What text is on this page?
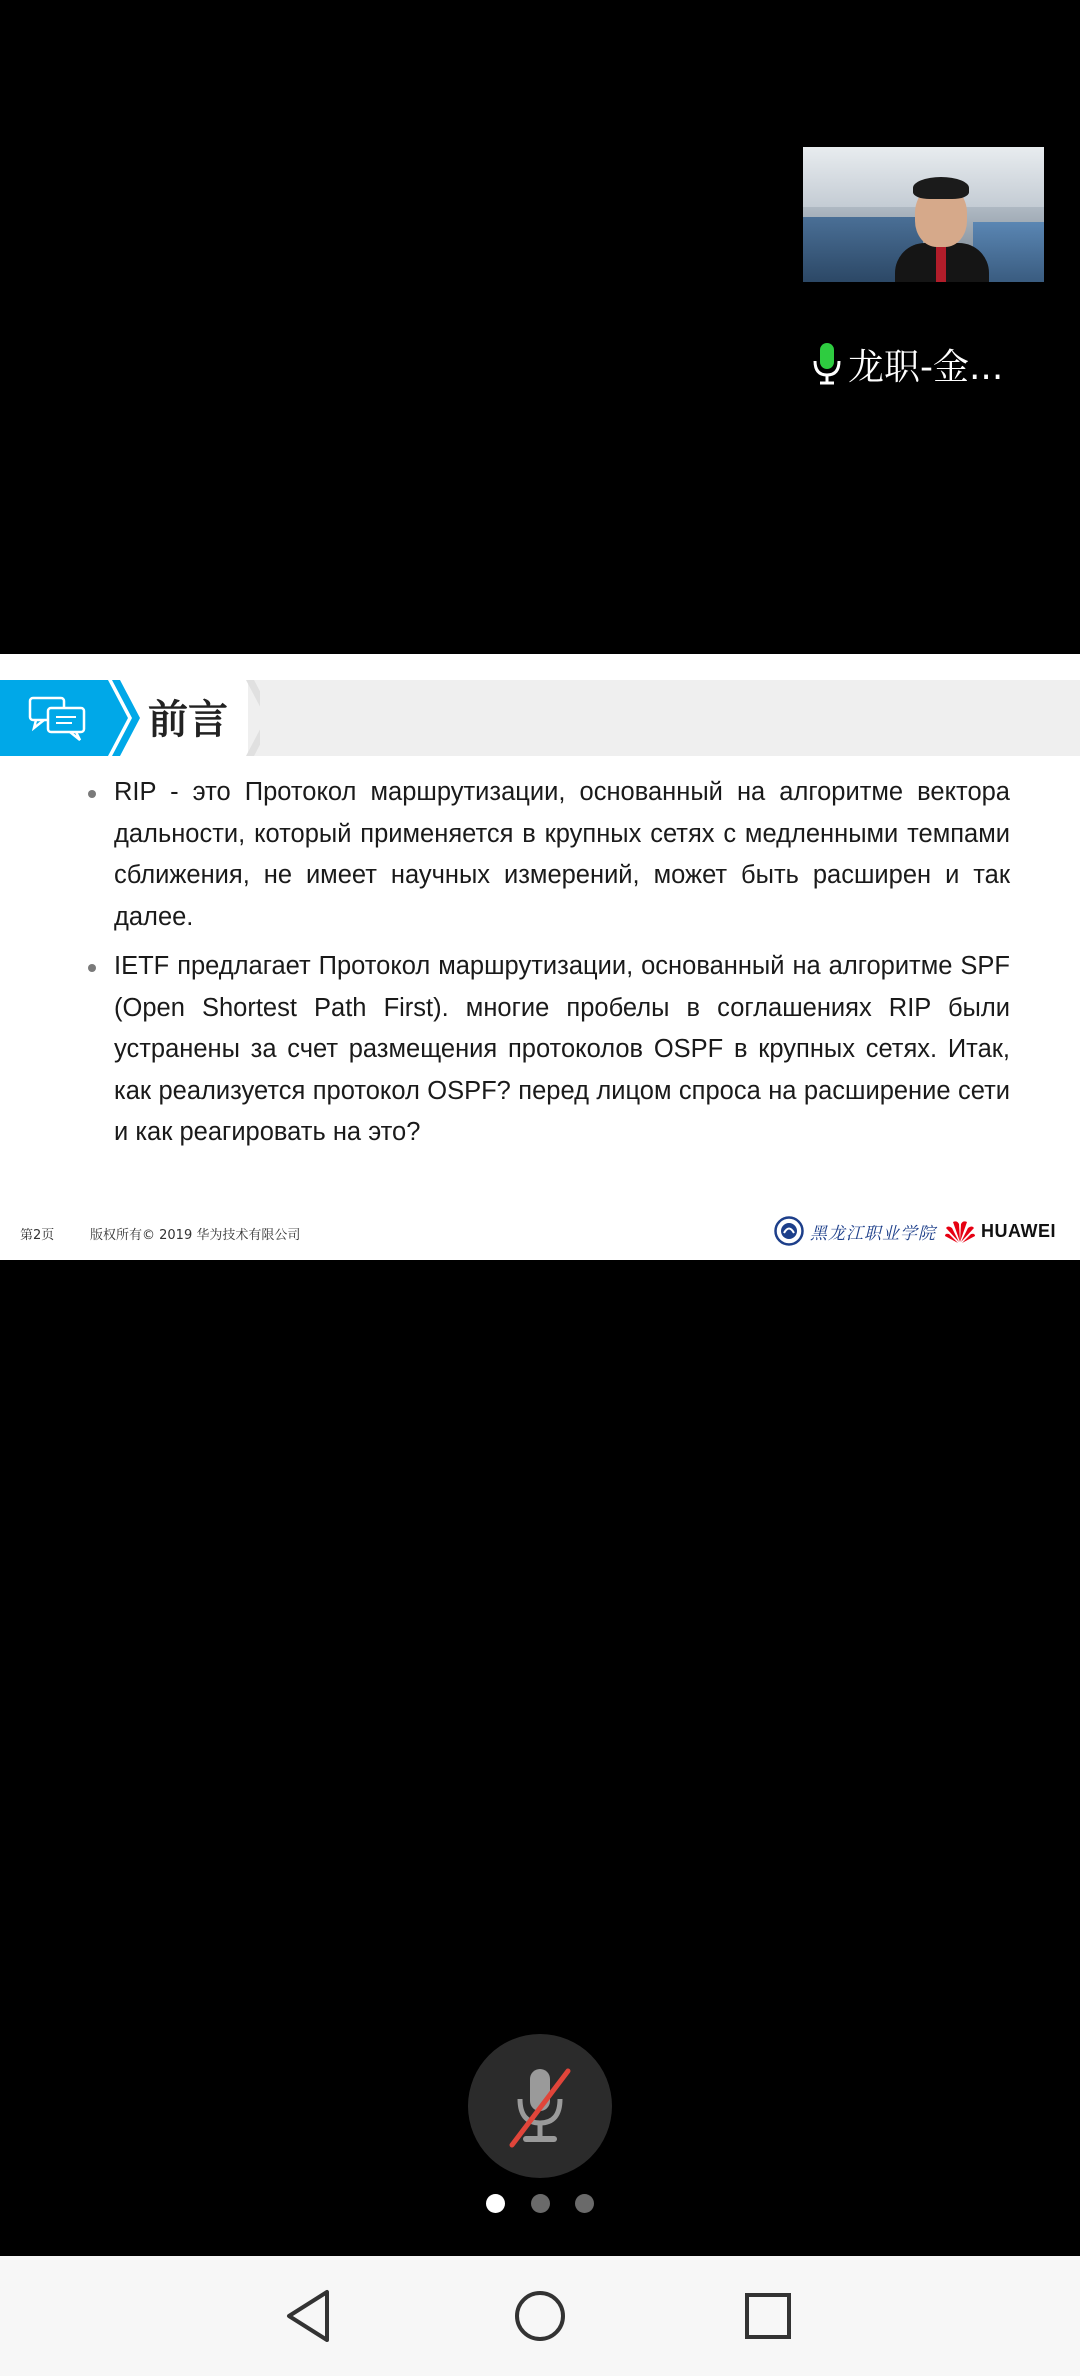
龙职-金...
前言
RIP - это Протокол маршрутизации, основанный на алгоритме вектора дальности, который применяется в крупных сетях с медленными темпами сближения, не имеет научных измерений, может быть расширен и так далее.
IETF предлагает Протокол маршрутизации, основанный на алгоритме SPF (Open Shortest Path First). многие пробелы в соглашениях RIP были устранены за счет размещения протоколов OSPF в крупных сетях. Итак, как реализуется протокол OSPF? перед лицом спроса на расширение сети и как реагировать на это?
第2页	版权所有© 2019 华为技术有限公司	黑龙江职业学院	HUAWEI
